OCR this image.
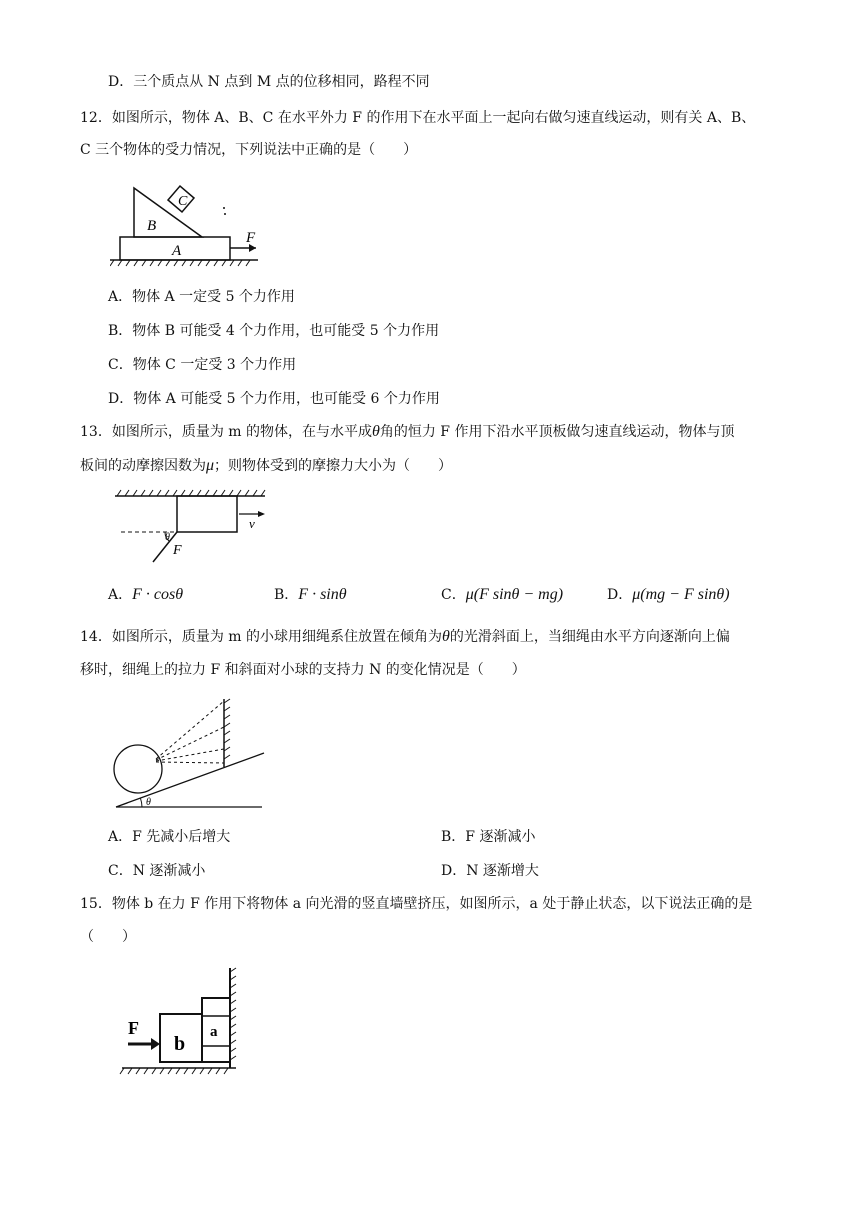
D．三个质点从 N 点到 M 点的位移相同，路程不同
12．如图所示，物体 A、B、C 在水平外力 F 的作用下在水平面上一起向右做匀速直线运动，则有关 A、B、
C 三个物体的受力情况，下列说法中正确的是（　　）
B
C
A
F
A．物体 A 一定受 5 个力作用
B．物体 B 可能受 4 个力作用，也可能受 5 个力作用
C．物体 C 一定受 3 个力作用
D．物体 A 可能受 5 个力作用，也可能受 6 个力作用
13．如图所示，质量为 m 的物体，在与水平成θ角的恒力 F 作用下沿水平顶板做匀速直线运动，物体与顶
板间的动摩擦因数为μ；则物体受到的摩擦力大小为（　　）
θ
F
v
A．F · cosθ	B．F · sinθ	C．μ(F sinθ − mg)	D．μ(mg − F sinθ)
14．如图所示，质量为 m 的小球用细绳系住放置在倾角为θ的光滑斜面上，当细绳由水平方向逐渐向上偏
移时，细绳上的拉力 F 和斜面对小球的支持力 N 的变化情况是（　　）
θ
A．F 先减小后增大	B．F 逐渐减小
C．N 逐渐减小	D．N 逐渐增大
15．物体 b 在力 F 作用下将物体 a 向光滑的竖直墙壁挤压，如图所示，a 处于静止状态，以下说法正确的是
（　　）
F
b
a
